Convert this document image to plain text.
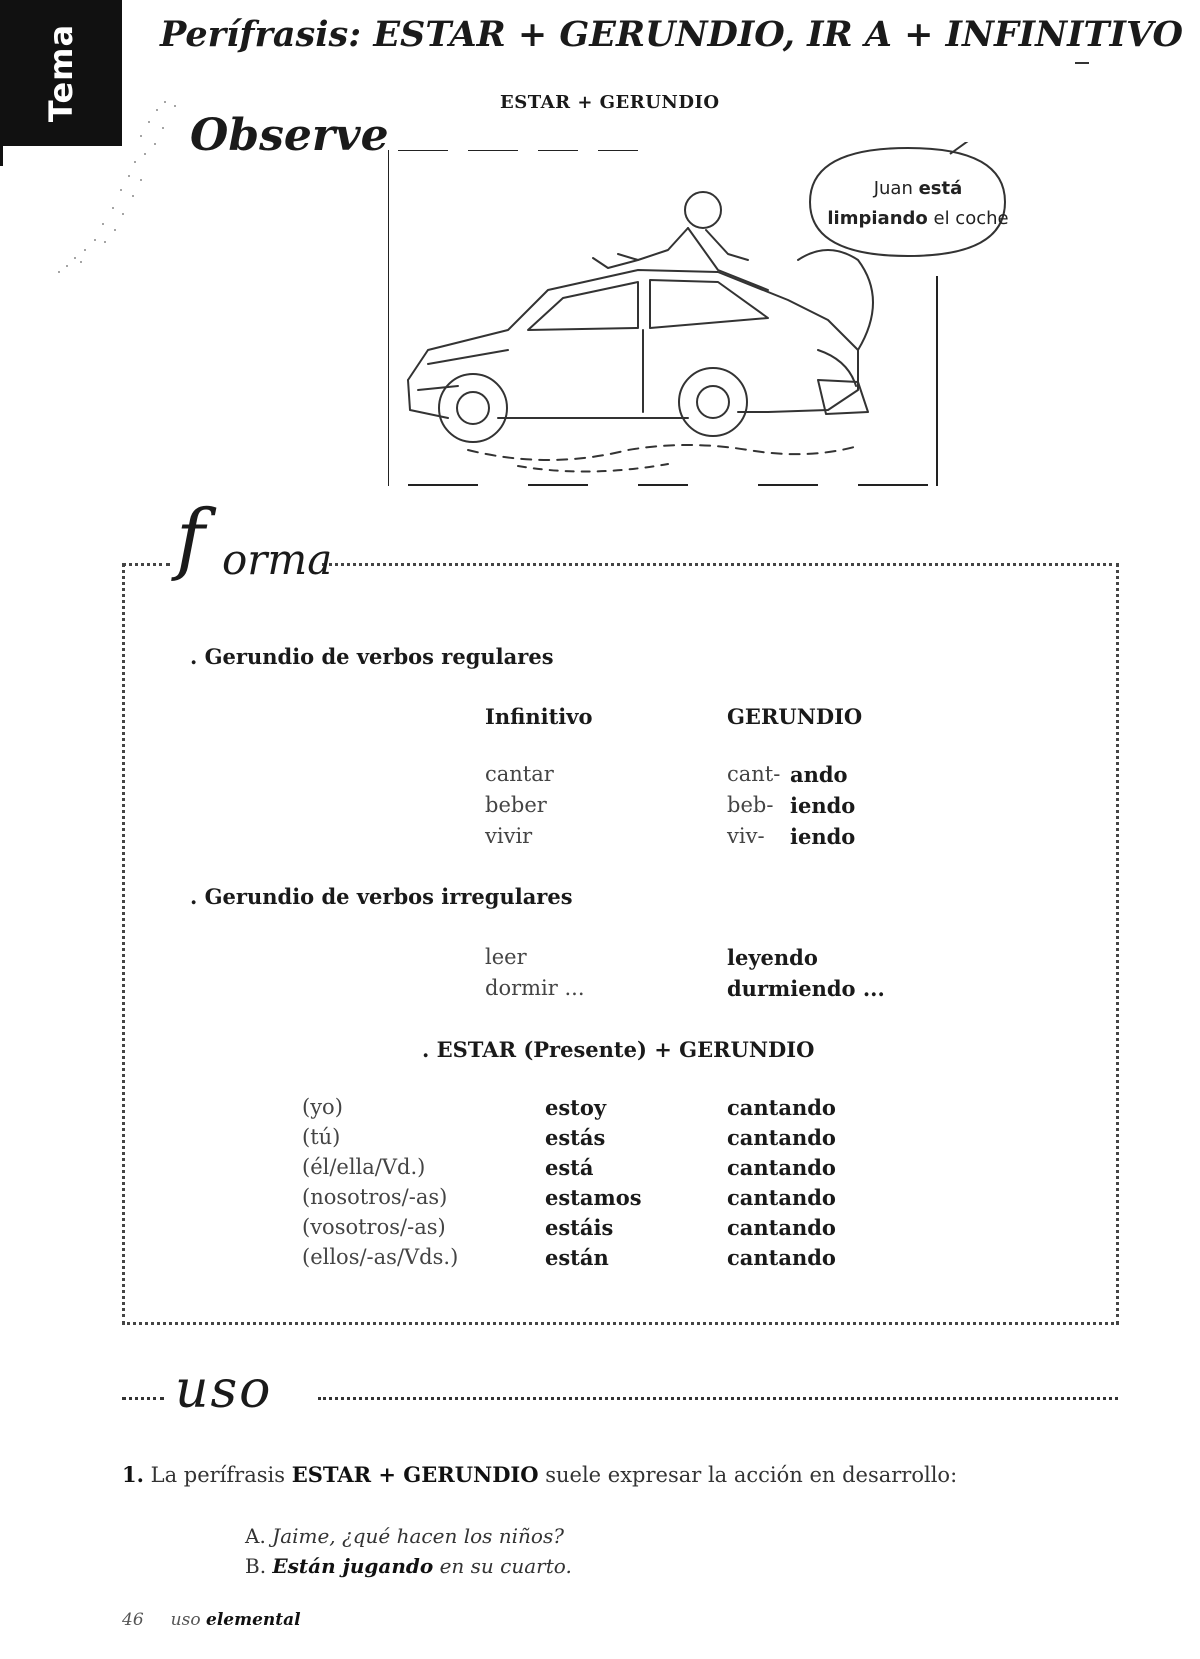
Tema Perífrasis: ESTAR + GERUNDIO, IR A + INFINITIVO
ESTAR + GERUNDIO
Observe
Juan está
limpiando el coche
f orma
. Gerundio de verbos regulares
Infinitivo	GERUNDIO
cantar	cant- ando
beber	beb- iendo
vivir	viv- iendo
. Gerundio de verbos irregulares
leer	leyendo
dormir ...	durmiendo ...
. ESTAR (Presente) + GERUNDIO
(yo)	estoy	cantando
(tú)	estás	cantando
(él/ella/Vd.)	está	cantando
(nosotros/-as)	estamos	cantando
(vosotros/-as)	estáis	cantando
(ellos/-as/Vds.)	están	cantando
uso
1. La perífrasis ESTAR + GERUNDIO suele expresar la acción en desarrollo:
A. Jaime, ¿qué hacen los niños?
B. Están jugando en su cuarto.
46 uso elemental
